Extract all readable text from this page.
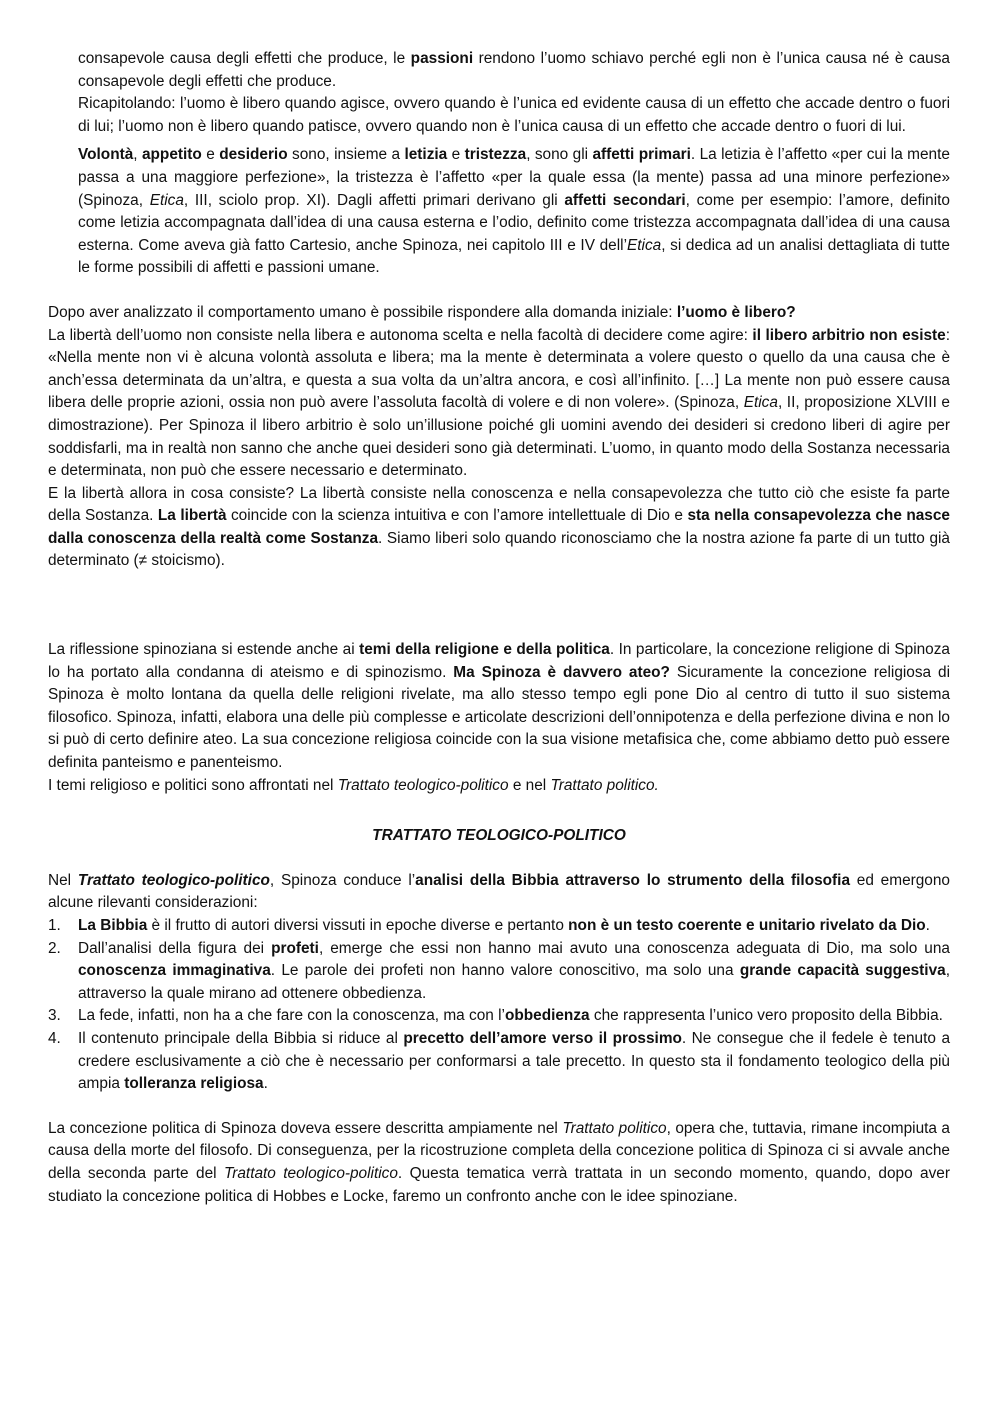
consapevole causa degli effetti che produce, le passioni rendono l’uomo schiavo perché egli non è l’unica causa né è causa consapevole degli effetti che produce.

Ricapitolando: l’uomo è libero quando agisce, ovvero quando è l’unica ed evidente causa di un effetto che accade dentro o fuori di lui; l’uomo non è libero quando patisce, ovvero quando non è l’unica causa di un effetto che accade dentro o fuori di lui.

Volontà, appetito e desiderio sono, insieme a letizia e tristezza, sono gli affetti primari. La letizia è l’affetto «per cui la mente passa a una maggiore perfezione», la tristezza è l’affetto «per la quale essa (la mente) passa ad una minore perfezione» (Spinoza, Etica, III, sciolo prop. XI). Dagli affetti primari derivano gli affetti secondari, come per esempio: l’amore, definito come letizia accompagnata dall’idea di una causa esterna e l’odio, definito come tristezza accompagnata dall’idea di una causa esterna. Come aveva già fatto Cartesio, anche Spinoza, nei capitolo III e IV dell’Etica, si dedica ad un analisi dettagliata di tutte le forme possibili di affetti e passioni umane.

Dopo aver analizzato il comportamento umano è possibile rispondere alla domanda iniziale: l’uomo è libero?

La libertà dell’uomo non consiste nella libera e autonoma scelta e nella facoltà di decidere come agire: il libero arbitrio non esiste: «Nella mente non vi è alcuna volontà assoluta e libera; ma la mente è determinata a volere questo o quello da una causa che è anch’essa determinata da un’altra, e questa a sua volta da un’altra ancora, e così all’infinito. […] La mente non può essere causa libera delle proprie azioni, ossia non può avere l’assoluta facoltà di volere e di non volere». (Spinoza, Etica, II, proposizione XLVIII e dimostrazione). Per Spinoza il libero arbitrio è solo un’illusione poiché gli uomini avendo dei desideri si credono liberi di agire per soddisfarli, ma in realtà non sanno che anche quei desideri sono già determinati. L’uomo, in quanto modo della Sostanza necessaria e determinata, non può che essere necessario e determinato.

E la libertà allora in cosa consiste? La libertà consiste nella conoscenza e nella consapevolezza che tutto ciò che esiste fa parte della Sostanza. La libertà coincide con la scienza intuitiva e con l’amore intellettuale di Dio e sta nella consapevolezza che nasce dalla conoscenza della realtà come Sostanza. Siamo liberi solo quando riconosciamo che la nostra azione fa parte di un tutto già determinato (≠ stoicismo).

La riflessione spinoziana si estende anche ai temi della religione e della politica. In particolare, la concezione religione di Spinoza lo ha portato alla condanna di ateismo e di spinozismo. Ma Spinoza è davvero ateo? Sicuramente la concezione religiosa di Spinoza è molto lontana da quella delle religioni rivelate, ma allo stesso tempo egli pone Dio al centro di tutto il suo sistema filosofico. Spinoza, infatti, elabora una delle più complesse e articolate descrizioni dell’onnipotenza e della perfezione divina e non lo si può di certo definire ateo. La sua concezione religiosa coincide con la sua visione metafisica che, come abbiamo detto può essere definita panteismo e panenteismo.

I temi religioso e politici sono affrontati nel Trattato teologico-politico e nel Trattato politico.

TRATTATO TEOLOGICO-POLITICO

Nel Trattato teologico-politico, Spinoza conduce l’analisi della Bibbia attraverso lo strumento della filosofia ed emergono alcune rilevanti considerazioni:

1. La Bibbia è il frutto di autori diversi vissuti in epoche diverse e pertanto non è un testo coerente e unitario rivelato da Dio.
2. Dall’analisi della figura dei profeti, emerge che essi non hanno mai avuto una conoscenza adeguata di Dio, ma solo una conoscenza immaginativa. Le parole dei profeti non hanno valore conoscitivo, ma solo una grande capacità suggestiva, attraverso la quale mirano ad ottenere obbedienza.
3. La fede, infatti, non ha a che fare con la conoscenza, ma con l’obbedienza che rappresenta l’unico vero proposito della Bibbia.
4. Il contenuto principale della Bibbia si riduce al precetto dell’amore verso il prossimo. Ne consegue che il fedele è tenuto a credere esclusivamente a ciò che è necessario per conformarsi a tale precetto. In questo sta il fondamento teologico della più ampia tolleranza religiosa.

La concezione politica di Spinoza doveva essere descritta ampiamente nel Trattato politico, opera che, tuttavia, rimane incompiuta a causa della morte del filosofo. Di conseguenza, per la ricostruzione completa della concezione politica di Spinoza ci si avvale anche della seconda parte del Trattato teologico-politico. Questa tematica verrà trattata in un secondo momento, quando, dopo aver studiato la concezione politica di Hobbes e Locke, faremo un confronto anche con le idee spinoziane.
